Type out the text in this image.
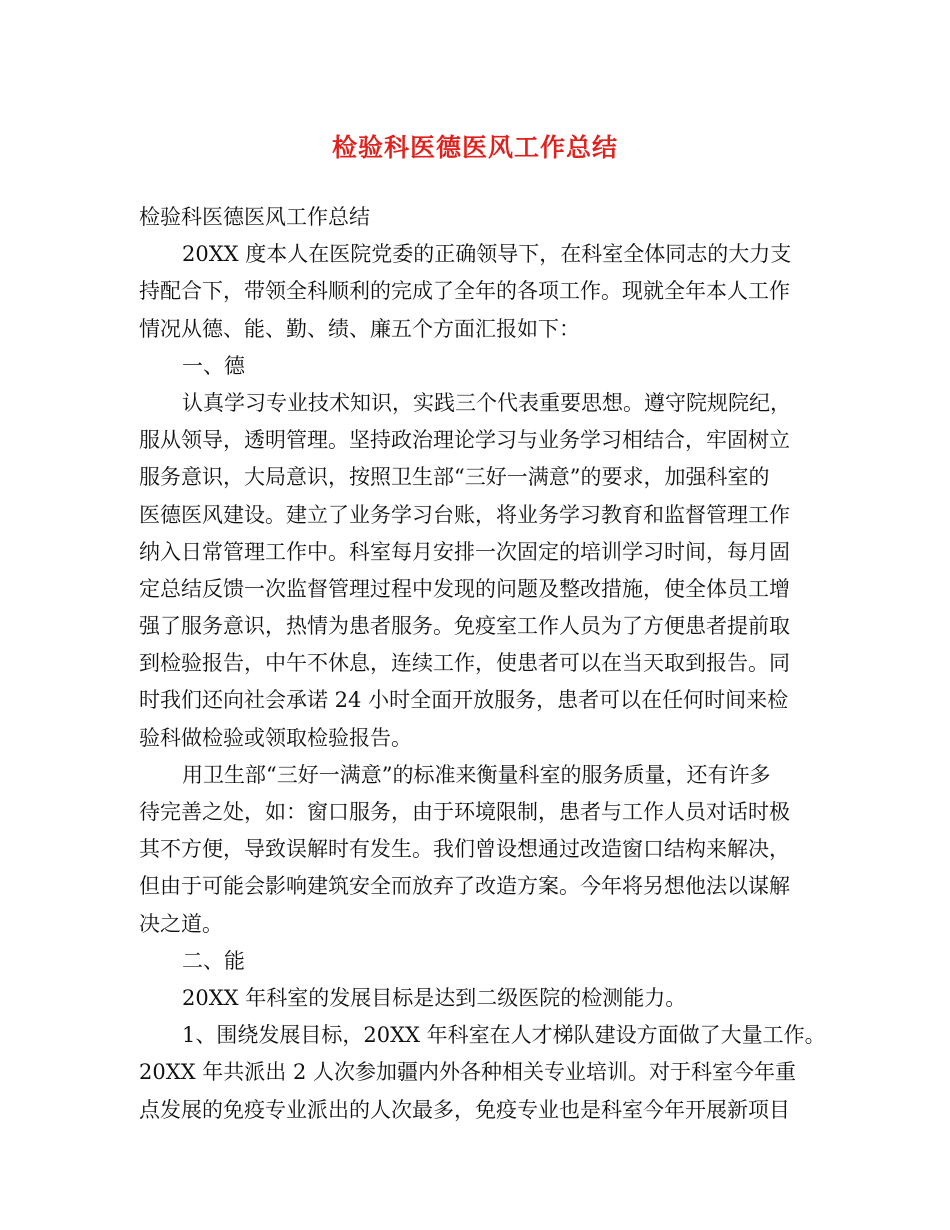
检验科医德医风工作总结
检验科医德医风工作总结
20XX 度本人在医院党委的正确领导下，在科室全体同志的大力支
持配合下，带领全科顺利的完成了全年的各项工作。现就全年本人工作
情况从德、能、勤、绩、廉五个方面汇报如下：
一、德
认真学习专业技术知识，实践三个代表重要思想。遵守院规院纪，
服从领导，透明管理。坚持政治理论学习与业务学习相结合，牢固树立
服务意识，大局意识，按照卫生部“三好一满意”的要求，加强科室的
医德医风建设。建立了业务学习台账，将业务学习教育和监督管理工作
纳入日常管理工作中。科室每月安排一次固定的培训学习时间，每月固
定总结反馈一次监督管理过程中发现的问题及整改措施，使全体员工增
强了服务意识，热情为患者服务。免疫室工作人员为了方便患者提前取
到检验报告，中午不休息，连续工作，使患者可以在当天取到报告。同
时我们还向社会承诺 24 小时全面开放服务，患者可以在任何时间来检
验科做检验或领取检验报告。
用卫生部“三好一满意”的标准来衡量科室的服务质量，还有许多
待完善之处，如：窗口服务，由于环境限制，患者与工作人员对话时极
其不方便，导致误解时有发生。我们曾设想通过改造窗口结构来解决，
但由于可能会影响建筑安全而放弃了改造方案。今年将另想他法以谋解
决之道。
二、能
20XX 年科室的发展目标是达到二级医院的检测能力。
1、围绕发展目标，20XX 年科室在人才梯队建设方面做了大量工作。
20XX 年共派出 2 人次参加疆内外各种相关专业培训。对于科室今年重
点发展的免疫专业派出的人次最多，免疫专业也是科室今年开展新项目
